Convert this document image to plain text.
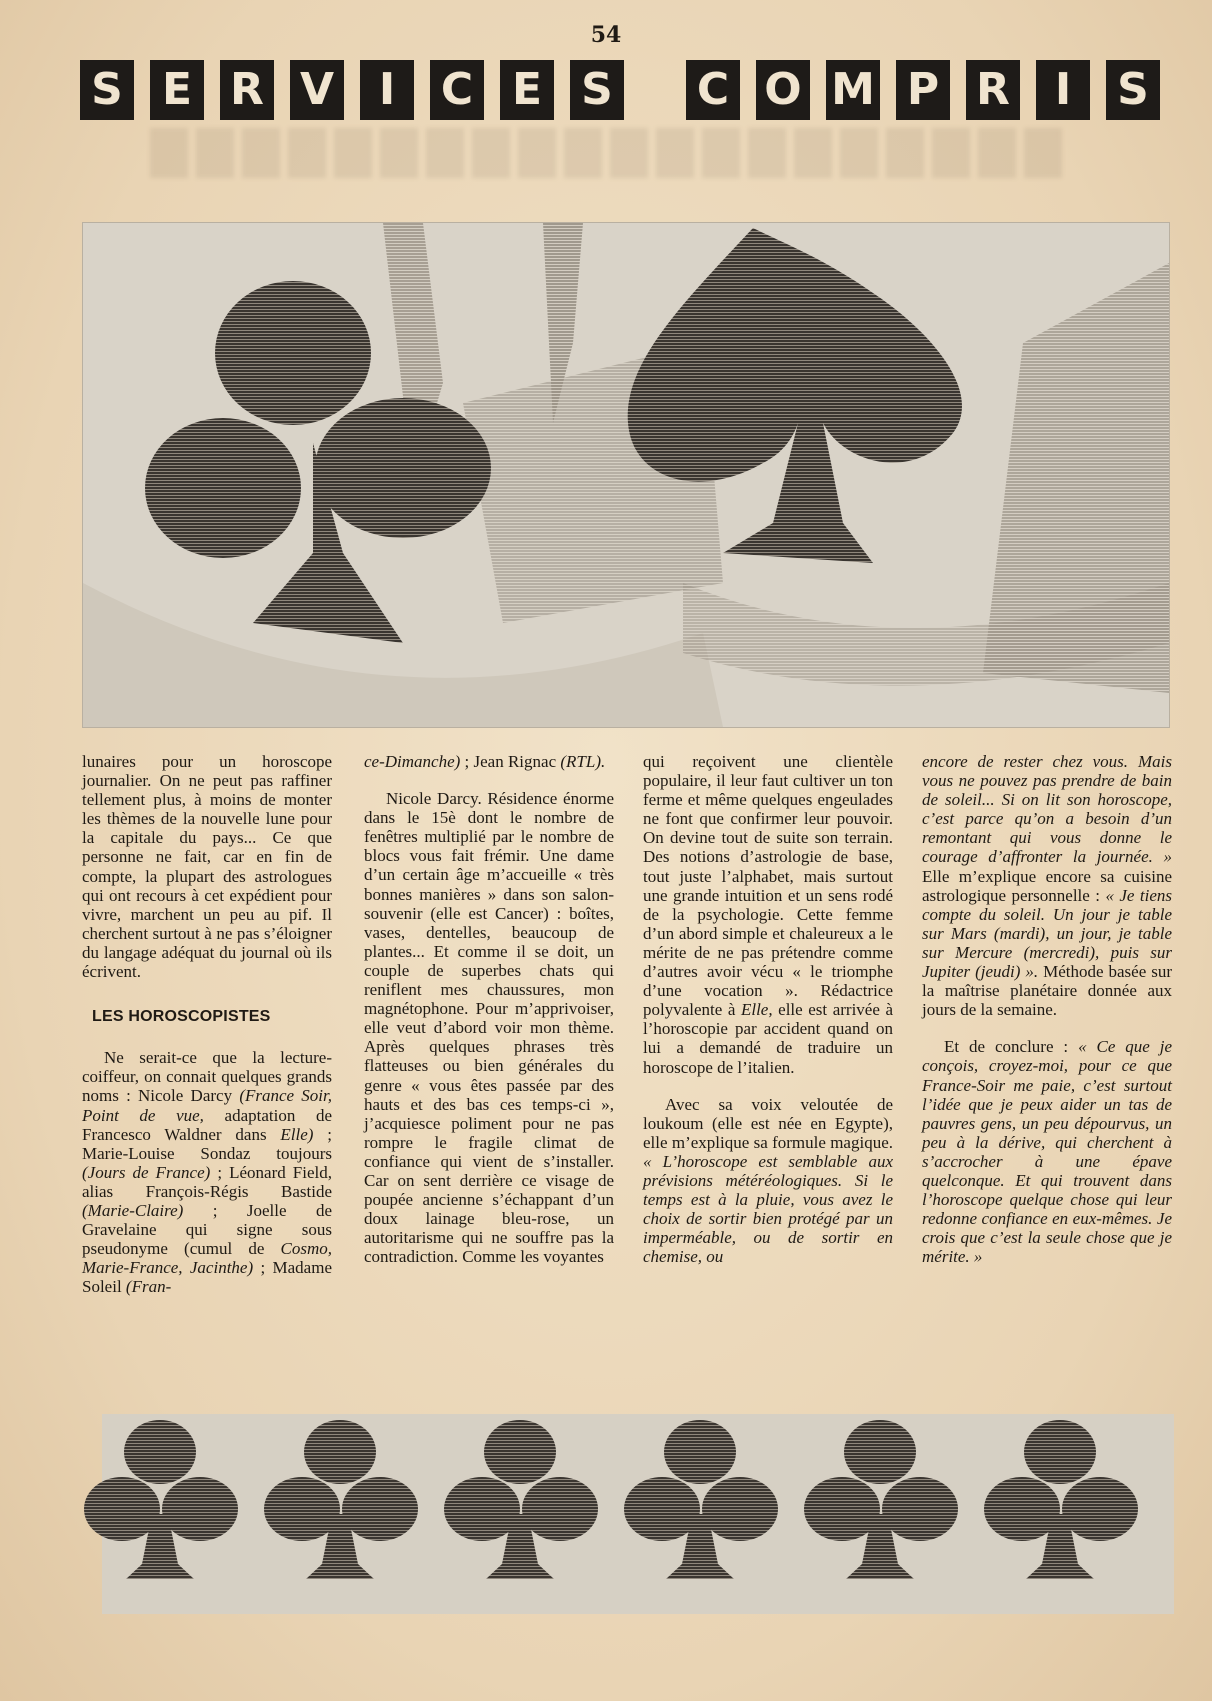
54
S E R V	I	C E S C O M P R	I	S

lunaires pour un horoscope journalier. On ne peut pas raffiner tellement plus, à moins de monter les thèmes de la nouvelle lune pour la capitale du pays... Ce que personne ne fait, car en fin de compte, la plupart des astrologues qui ont recours à cet expédient pour vivre, marchent un peu au pif. Il cherchent surtout à ne pas s’éloigner du langage adéquat du journal où ils écrivent.

LES HOROSCOPISTES

Ne serait-ce que la lecture-coiffeur, on connait quelques grands noms : Nicole Darcy (France Soir, Point de vue, adaptation de Francesco Waldner dans Elle) ; Marie-Louise Sondaz toujours (Jours de France) ; Léonard Field, alias François-Régis Bastide (Marie-Claire) ; Joelle de Gravelaine qui signe sous pseudonyme (cumul de Cosmo, Marie-France, Jacinthe) ; Madame Soleil (Fran-

ce-Dimanche) ; Jean Rignac (RTL).

Nicole Darcy. Résidence énorme dans le 15è dont le nombre de fenêtres multiplié par le nombre de blocs vous fait frémir. Une dame d’un certain âge m’accueille « très bonnes manières » dans son salon-souvenir (elle est Cancer) : boîtes, vases, dentelles, beaucoup de plantes... Et comme il se doit, un couple de superbes chats qui reniflent mes chaussures, mon magnétophone. Pour m’apprivoiser, elle veut d’abord voir mon thème. Après quelques phrases très flatteuses ou bien générales du genre « vous êtes passée par des hauts et des bas ces temps-ci », j’acquiesce poliment pour ne pas rompre le fragile climat de confiance qui vient de s’installer. Car on sent derrière ce visage de poupée ancienne s’échappant d’un doux lainage bleu-rose, un autoritarisme qui ne souffre pas la contradiction. Comme les voyantes

qui reçoivent une clientèle populaire, il leur faut cultiver un ton ferme et même quelques engeulades ne font que confirmer leur pouvoir. On devine tout de suite son terrain. Des notions d’astrologie de base, tout juste l’alphabet, mais surtout une grande intuition et un sens rodé de la psychologie. Cette femme d’un abord simple et chaleureux a le mérite de ne pas prétendre comme d’autres avoir vécu « le triomphe d’une vocation ». Rédactrice polyvalente à Elle, elle est arrivée à l’horoscopie par accident quand on lui a demandé de traduire un horoscope de l’italien.

Avec sa voix veloutée de loukoum (elle est née en Egypte), elle m’explique sa formule magique. « L’horoscope est semblable aux prévisions météréologiques. Si le temps est à la pluie, vous avez le choix de sortir bien protégé par un imperméable, ou de sortir en chemise, ou

encore de rester chez vous. Mais vous ne pouvez pas prendre de bain de soleil... Si on lit son horoscope, c’est parce qu’on a besoin d’un remontant qui vous donne le courage d’affronter la journée. » Elle m’explique encore sa cuisine astrologique personnelle : « Je tiens compte du soleil. Un jour je table sur Mars (mardi), un jour, je table sur Mercure (mercredi), puis sur Jupiter (jeudi) ». Méthode basée sur la maîtrise planétaire donnée aux jours de la semaine.

Et de conclure : « Ce que je conçois, croyez-moi, pour ce que France-Soir me paie, c’est surtout l’idée que je peux aider un tas de pauvres gens, un peu dépourvus, un peu à la dérive, qui cherchent à s’accrocher à une épave quelconque. Et qui trouvent dans l’horoscope quelque chose qui leur redonne confiance en eux-mêmes. Je crois que c’est la seule chose que je mérite. »
